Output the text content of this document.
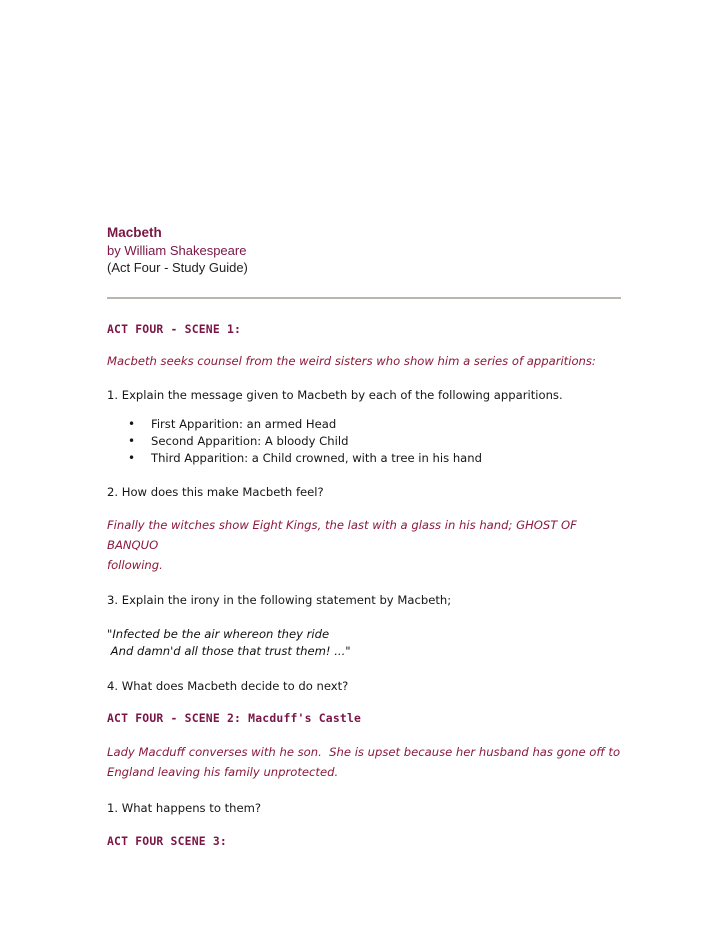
Macbeth

by William Shakespeare

(Act Four - Study Guide)

ACT FOUR - SCENE 1:

Macbeth seeks counsel from the weird sisters who show him a series of apparitions:

1. Explain the message given to Macbeth by each of the following apparitions.

• First Apparition: an armed Head
• Second Apparition: A bloody Child
• Third Apparition: a Child crowned, with a tree in his hand

2. How does this make Macbeth feel?

Finally the witches show Eight Kings, the last with a glass in his hand; GHOST OF BANQUO

following.

3. Explain the irony in the following statement by Macbeth;

"Infected be the air whereon they ride

And damn'd all those that trust them! ..."

4. What does Macbeth decide to do next?

ACT FOUR - SCENE 2: Macduff's Castle

Lady Macduff converses with he son.  She is upset because her husband has gone off to

England leaving his family unprotected.

1. What happens to them?

ACT FOUR SCENE 3:
